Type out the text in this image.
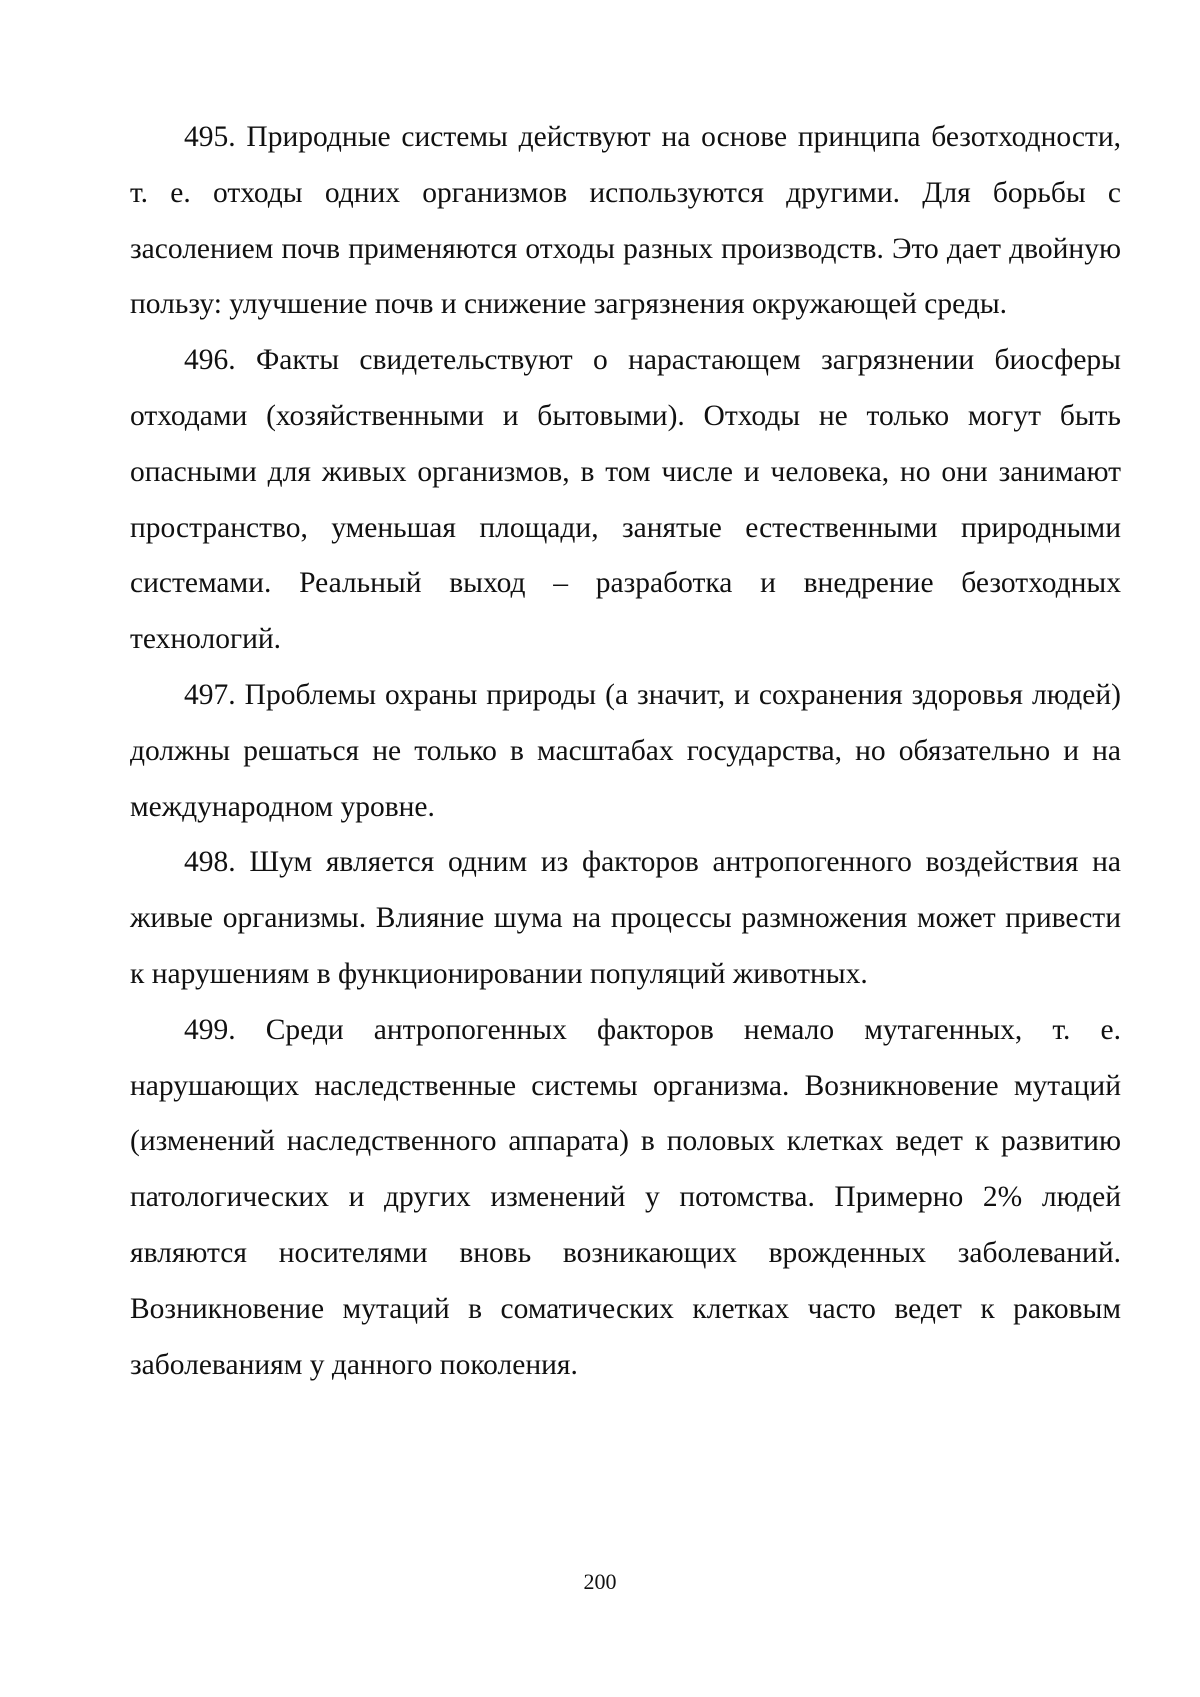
495. Природные системы действуют на основе принципа безотходности, т. е. отходы одних организмов используются другими. Для борьбы с засолением почв применяются отходы разных производств. Это дает двойную пользу: улучшение почв и снижение загрязнения окружающей среды.

496. Факты свидетельствуют о нарастающем загрязнении биосферы отходами (хозяйственными и бытовыми). Отходы не только могут быть опасными для живых организмов, в том числе и человека, но они занимают пространство, уменьшая площади, занятые естественными природными системами. Реальный выход – разработка и внедрение безотходных технологий.

497. Проблемы охраны природы (а значит, и сохранения здоровья людей) должны решаться не только в масштабах государства, но обязательно и на международном уровне.

498. Шум является одним из факторов антропогенного воздействия на живые организмы. Влияние шума на процессы размножения может привести к нарушениям в функционировании популяций животных.

499. Среди антропогенных факторов немало мутагенных, т. е. нарушающих наследственные системы организма. Возникновение мутаций (изменений наследственного аппарата) в половых клетках ведет к развитию патологических и других изменений у потомства. Примерно 2% людей являются носителями вновь возникающих врожденных заболеваний. Возникновение мутаций в соматических клетках часто ведет к раковым заболеваниям у данного поколения.

200
